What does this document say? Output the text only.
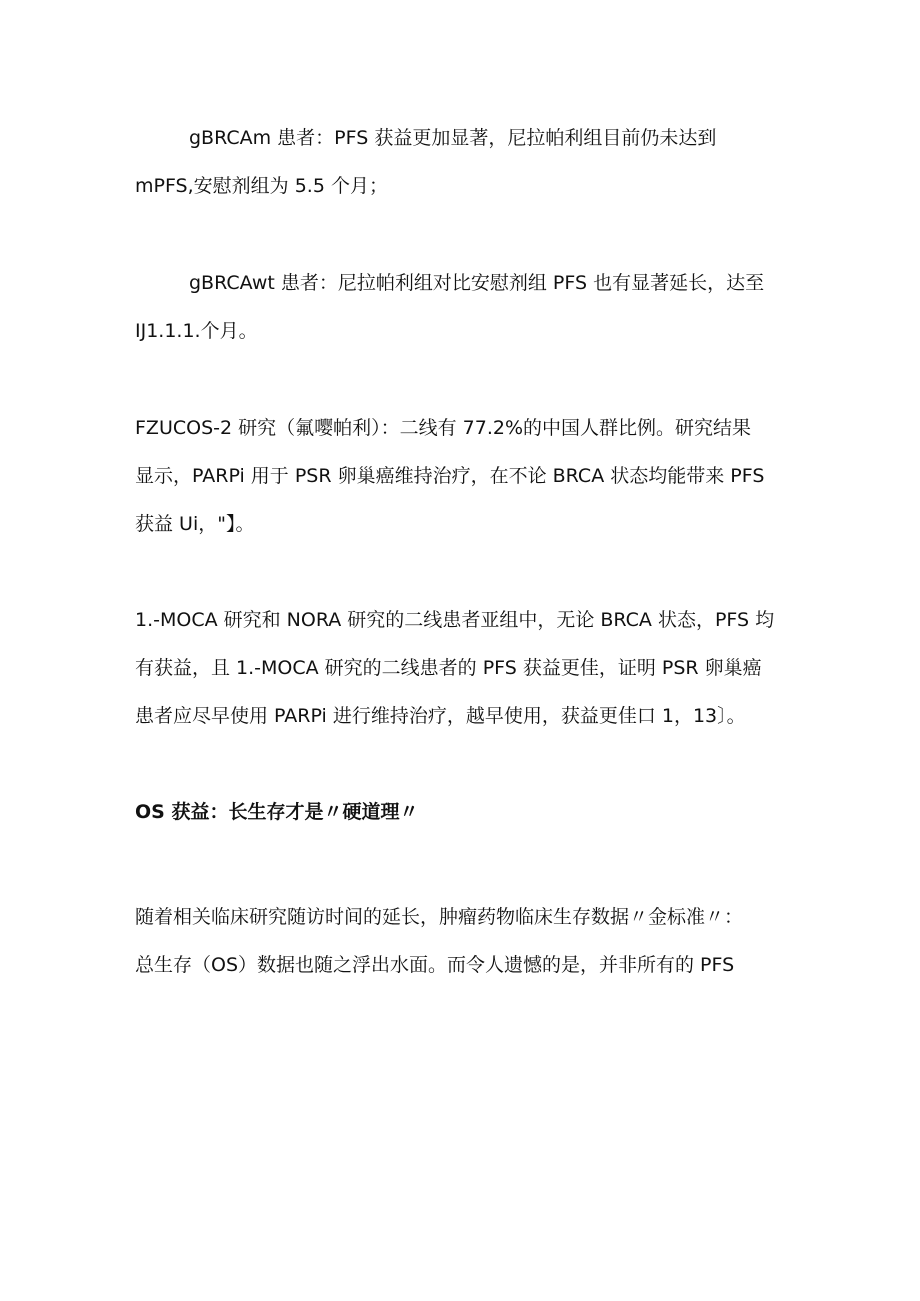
gBRCAm 患者：PFS 获益更加显著，尼拉帕利组目前仍未达到
mPFS,安慰剂组为 5.5 个月；
gBRCAwt 患者：尼拉帕利组对比安慰剂组 PFS 也有显著延长，达至
IJ1.1.1.个月。
FZUCOS-2 研究（氟嘤帕利）：二线有 77.2%的中国人群比例。研究结果
显示，PARPi 用于 PSR 卵巢癌维持治疗，在不论 BRCA 状态均能带来 PFS
获益 Ui，"】。
1.-MOCA 研究和 NORA 研究的二线患者亚组中，无论 BRCA 状态，PFS 均
有获益，且 1.-MOCA 研究的二线患者的 PFS 获益更佳，证明 PSR 卵巢癌
患者应尽早使用 PARPi 进行维持治疗，越早使用，获益更佳口 1，13〕。
OS 获益：长生存才是〃硬道理〃
随着相关临床研究随访时间的延长，肿瘤药物临床生存数据〃金标准〃：
总生存（OS）数据也随之浮出水面。而令人遗憾的是，并非所有的 PFS
